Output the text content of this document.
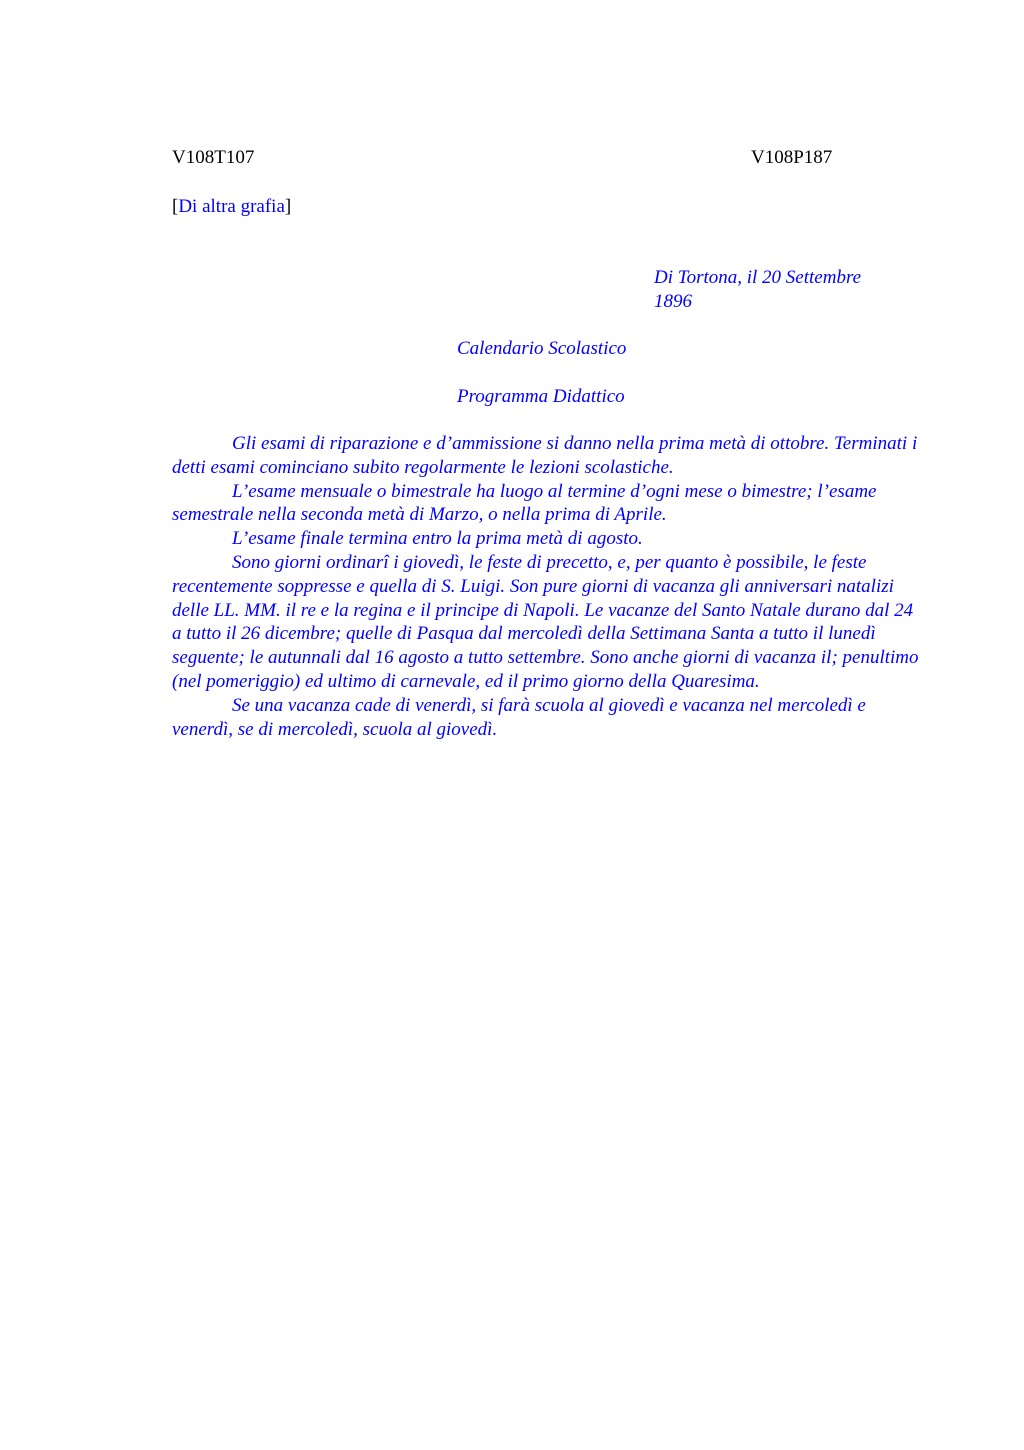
V108T107	V108P187
[Di altra grafia]
Di Tortona, il 20 Settembre
1896
Calendario Scolastico
Programma Didattico

Gli esami di riparazione e d’ammissione si danno nella prima metà di ottobre. Terminati i detti esami cominciano subito regolarmente le lezioni scolastiche.

L’esame mensuale o bimestrale ha luogo al termine d’ogni mese o bimestre; l’esame semestrale nella seconda metà di Marzo, o nella prima di Aprile.

L’esame finale termina entro la prima metà di agosto.

Sono giorni ordinarî i giovedì, le feste di precetto, e, per quanto è possibile, le feste recentemente soppresse e quella di S. Luigi. Son pure giorni di vacanza gli anniversari natalizi delle LL. MM. il re e la regina e il principe di Napoli. Le vacanze del Santo Natale durano dal 24 a tutto il 26 dicembre; quelle di Pasqua dal mercoledì della Settimana Santa a tutto il lunedì seguente; le autunnali dal 16 agosto a tutto settembre. Sono anche giorni di vacanza il; penultimo (nel pomeriggio) ed ultimo di carnevale, ed il primo giorno della Quaresima.

Se una vacanza cade di venerdì, si farà scuola al giovedì e vacanza nel mercoledì e venerdì, se di mercoledì, scuola al giovedì.
